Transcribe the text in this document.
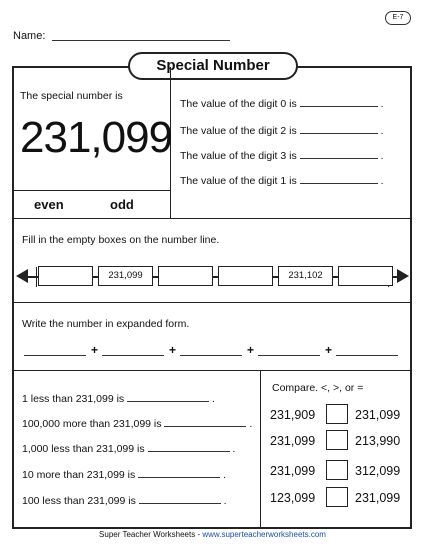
E-7
Name:
Special Number
The special number is
231,099
even	odd
The value of the digit 0 is	.
The value of the digit 2 is	.
The value of the digit 3 is	.
The value of the digit 1 is	.
Fill in the empty boxes on the number line.
231,099	231,102
Write the number in expanded form.
+	+	+	+
1 less than 231,099 is	.
100,000 more than 231,099 is	.
1,000 less than 231,099 is	.
10 more than 231,099 is	.
100 less than 231,099 is	.
Compare. <, >, or =
231,909	231,099
231,099	213,990
231,099	312,099
123,099	231,099
Super Teacher Worksheets - www.superteacherworksheets.com
